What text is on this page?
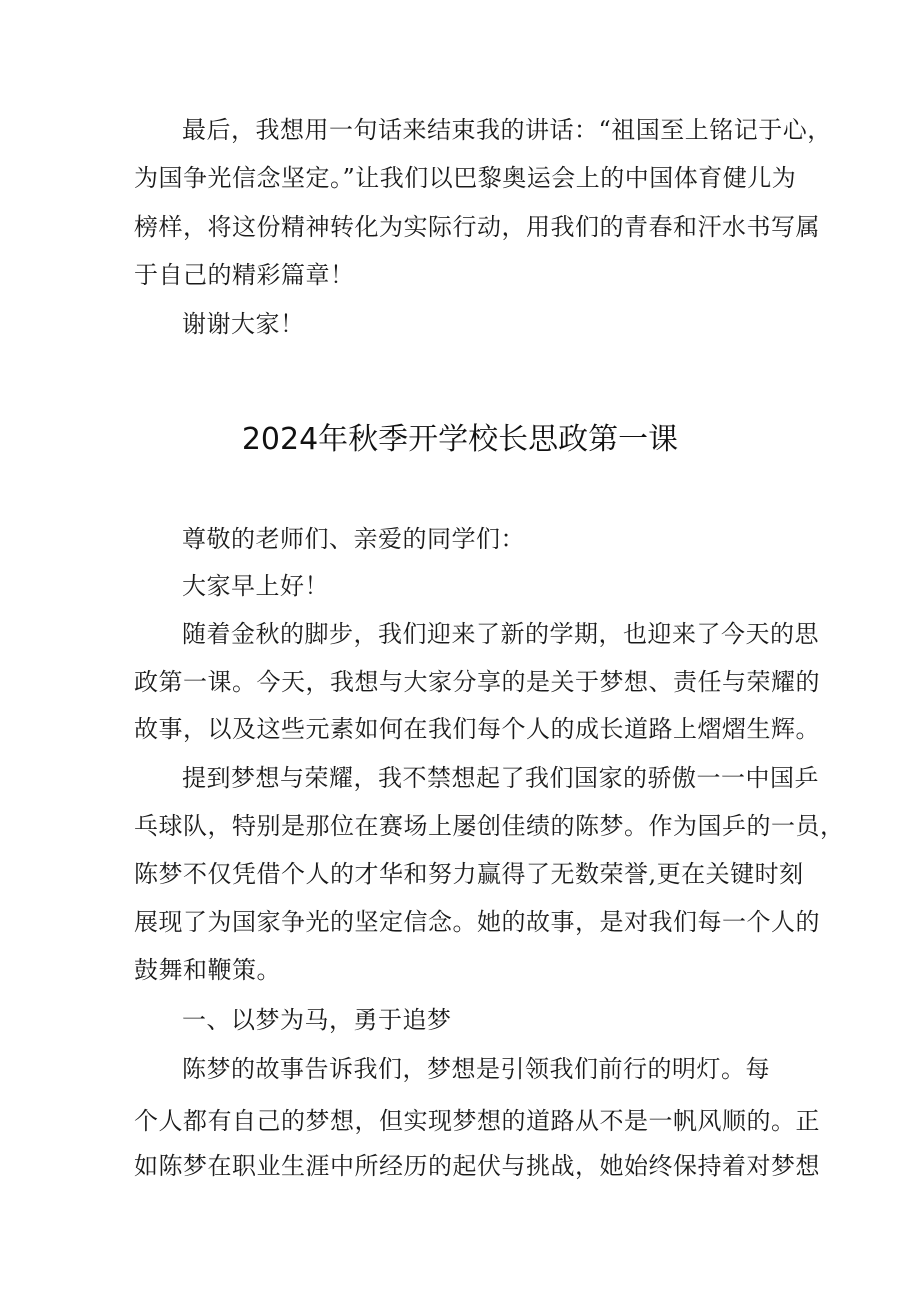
最后，我想用一句话来结束我的讲话：“祖国至上铭记于心，
为国争光信念坚定。”让我们以巴黎奥运会上的中国体育健儿为
榜样，将这份精神转化为实际行动，用我们的青春和汗水书写属
于自己的精彩篇章！
谢谢大家！
2024年秋季开学校长思政第一课
尊敬的老师们、亲爱的同学们：
大家早上好！
随着金秋的脚步，我们迎来了新的学期，也迎来了今天的思
政第一课。今天，我想与大家分享的是关于梦想、责任与荣耀的
故事，以及这些元素如何在我们每个人的成长道路上熠熠生辉。
提到梦想与荣耀，我不禁想起了我们国家的骄傲一一中国乒
乓球队，特别是那位在赛场上屡创佳绩的陈梦。作为国乒的一员，
陈梦不仅凭借个人的才华和努力赢得了无数荣誉,更在关键时刻
展现了为国家争光的坚定信念。她的故事，是对我们每一个人的
鼓舞和鞭策。
一、以梦为马，勇于追梦
陈梦的故事告诉我们，梦想是引领我们前行的明灯。每
个人都有自己的梦想，但实现梦想的道路从不是一帆风顺的。正
如陈梦在职业生涯中所经历的起伏与挑战，她始终保持着对梦想
